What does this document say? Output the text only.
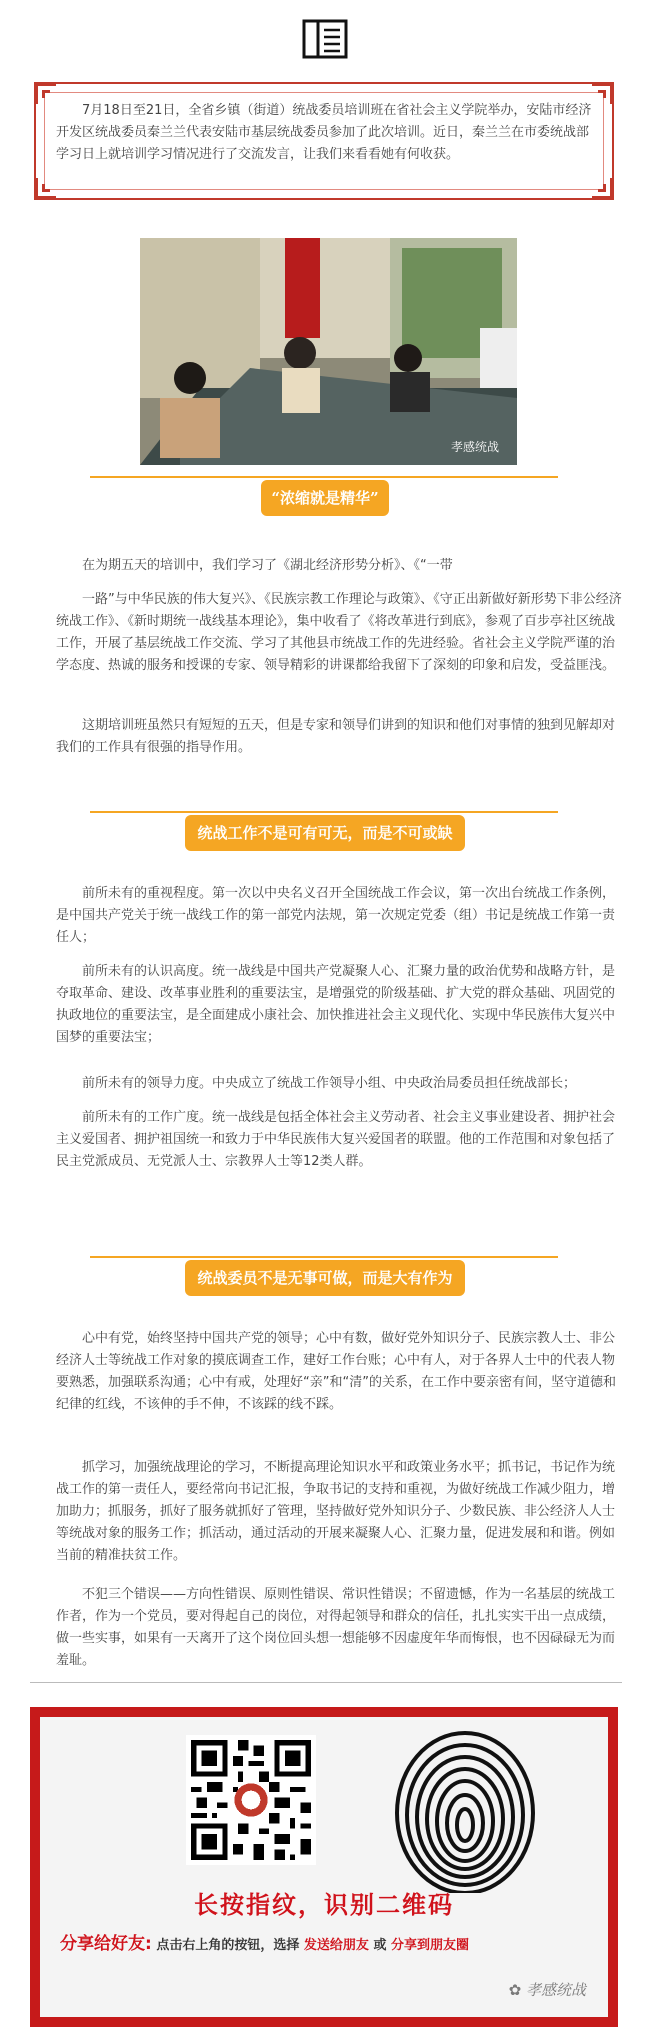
7月18日至21日，全省乡镇（街道）统战委员培训班在省社会主义学院举办，安陆市经济开发区统战委员秦兰兰代表安陆市基层统战委员参加了此次培训。近日，秦兰兰在市委统战部学习日上就培训学习情况进行了交流发言，让我们来看看她有何收获。
孝感统战
“浓缩就是精华”
在为期五天的培训中，我们学习了《湖北经济形势分析》、《“一带
一路”与中华民族的伟大复兴》、《民族宗教工作理论与政策》、《守正出新做好新形势下非公经济统战工作》、《新时期统一战线基本理论》，集中收看了《将改革进行到底》，参观了百步亭社区统战工作，开展了基层统战工作交流、学习了其他县市统战工作的先进经验。省社会主义学院严谨的治学态度、热诚的服务和授课的专家、领导精彩的讲课都给我留下了深刻的印象和启发，受益匪浅。
这期培训班虽然只有短短的五天，但是专家和领导们讲到的知识和他们对事情的独到见解却对我们的工作具有很强的指导作用。
统战工作不是可有可无，而是不可或缺
前所未有的重视程度。第一次以中央名义召开全国统战工作会议，第一次出台统战工作条例，是中国共产党关于统一战线工作的第一部党内法规，第一次规定党委（组）书记是统战工作第一责任人；
前所未有的认识高度。统一战线是中国共产党凝聚人心、汇聚力量的政治优势和战略方针，是夺取革命、建设、改革事业胜利的重要法宝，是增强党的阶级基础、扩大党的群众基础、巩固党的执政地位的重要法宝，是全面建成小康社会、加快推进社会主义现代化、实现中华民族伟大复兴中国梦的重要法宝；
前所未有的领导力度。中央成立了统战工作领导小组、中央政治局委员担任统战部长；
前所未有的工作广度。统一战线是包括全体社会主义劳动者、社会主义事业建设者、拥护社会主义爱国者、拥护祖国统一和致力于中华民族伟大复兴爱国者的联盟。他的工作范围和对象包括了民主党派成员、无党派人士、宗教界人士等12类人群。
统战委员不是无事可做，而是大有作为
心中有党，始终坚持中国共产党的领导；心中有数，做好党外知识分子、民族宗教人士、非公经济人士等统战工作对象的摸底调查工作，建好工作台账；心中有人，对于各界人士中的代表人物要熟悉，加强联系沟通；心中有戒，处理好“亲”和“清”的关系，在工作中要亲密有间，坚守道德和纪律的红线，不该伸的手不伸，不该踩的线不踩。
抓学习，加强统战理论的学习，不断提高理论知识水平和政策业务水平；抓书记，书记作为统战工作的第一责任人，要经常向书记汇报，争取书记的支持和重视，为做好统战工作减少阻力，增加助力；抓服务，抓好了服务就抓好了管理，坚持做好党外知识分子、少数民族、非公经济人人士等统战对象的服务工作；抓活动，通过活动的开展来凝聚人心、汇聚力量，促进发展和和谐。例如当前的精准扶贫工作。
不犯三个错误——方向性错误、原则性错误、常识性错误；不留遗憾，作为一名基层的统战工作者，作为一个党员，要对得起自己的岗位，对得起领导和群众的信任，扎扎实实干出一点成绩，做一些实事，如果有一天离开了这个岗位回头想一想能够不因虚度年华而悔恨，也不因碌碌无为而羞耻。
长按指纹，识别二维码
分享给好友: 点击右上角的按钮，选择 发送给朋友 或 分享到朋友圈
✿ 孝感统战
